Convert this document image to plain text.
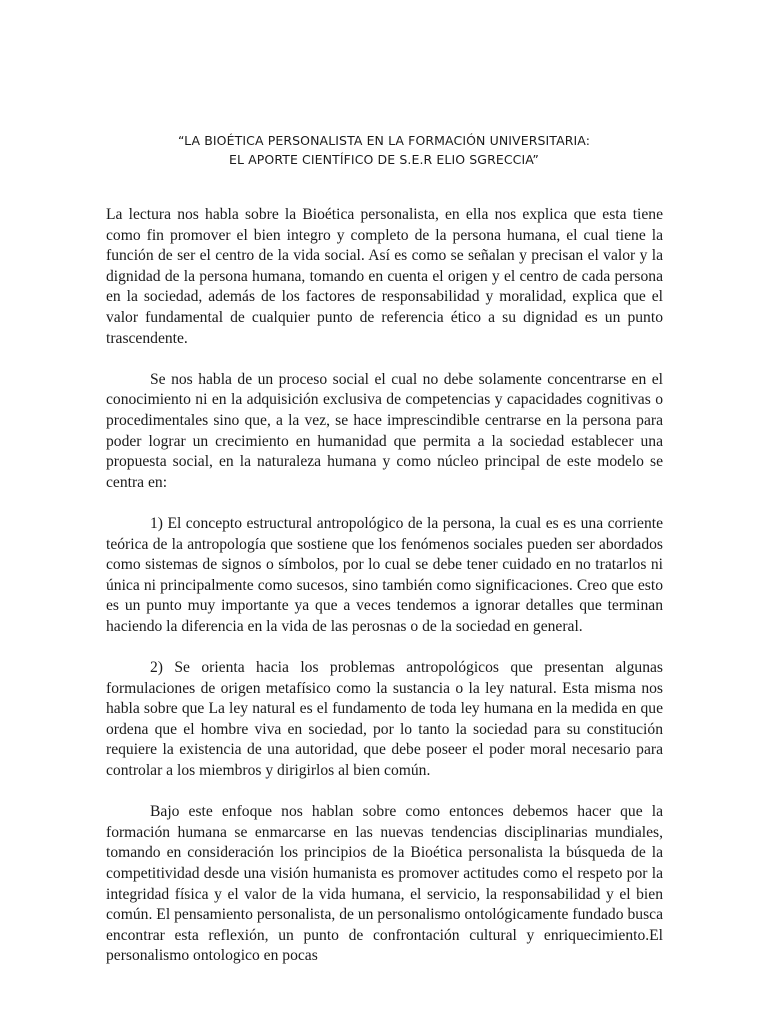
“LA BIOÉTICA PERSONALISTA EN LA FORMACIÓN UNIVERSITARIA:
EL APORTE CIENTÍFICO DE S.E.R ELIO SGRECCIA”

La lectura nos habla sobre la Bioética personalista, en ella nos explica que esta tiene como fin promover el bien integro y completo de la persona humana, el cual tiene la función de ser el centro de la vida social. Así es como se señalan y precisan el valor y la dignidad de la persona humana, tomando en cuenta el origen y el centro de cada persona en la sociedad, además de los factores de responsabilidad y moralidad, explica que el valor fundamental de cualquier punto de referencia ético a su dignidad es un punto trascendente.

Se nos habla de un proceso social el cual no debe solamente concentrarse en el conocimiento ni en la adquisición exclusiva de competencias y capacidades cognitivas o procedimentales sino que, a la vez, se hace imprescindible centrarse en la persona para poder lograr un crecimiento en humanidad que permita a la sociedad establecer una propuesta social, en la naturaleza humana y como núcleo principal de este modelo se centra en:

1) El concepto estructural antropológico de la persona, la cual es es una corriente teórica de la antropología que sostiene que los fenómenos sociales pueden ser abordados como sistemas de signos o símbolos, por lo cual se debe tener cuidado en no tratarlos ni única ni principalmente como sucesos, sino también como significaciones. Creo que esto es un punto muy importante ya que a veces tendemos a ignorar detalles que terminan haciendo la diferencia en la vida de las perosnas o de la sociedad en general.

2) Se orienta hacia los problemas antropológicos que presentan algunas formulaciones de origen metafísico como la sustancia o la ley natural. Esta misma nos habla sobre que La ley natural es el fundamento de toda ley humana en la medida en que ordena que el hombre viva en sociedad, por lo tanto la sociedad para su constitución requiere la existencia de una autoridad, que debe poseer el poder moral necesario para controlar a los miembros y dirigirlos al bien común.

Bajo este enfoque nos hablan sobre como entonces debemos hacer que la formación humana se enmarcarse en las nuevas tendencias disciplinarias mundiales, tomando en consideración los principios de la Bioética personalista la búsqueda de la competitividad desde una visión humanista es promover actitudes como el respeto por la integridad física y el valor de la vida humana, el servicio, la responsabilidad y el bien común. El pensamiento personalista, de un personalismo ontológicamente fundado busca encontrar esta reflexión, un punto de confrontación cultural y enriquecimiento.El personalismo ontologico en pocas
